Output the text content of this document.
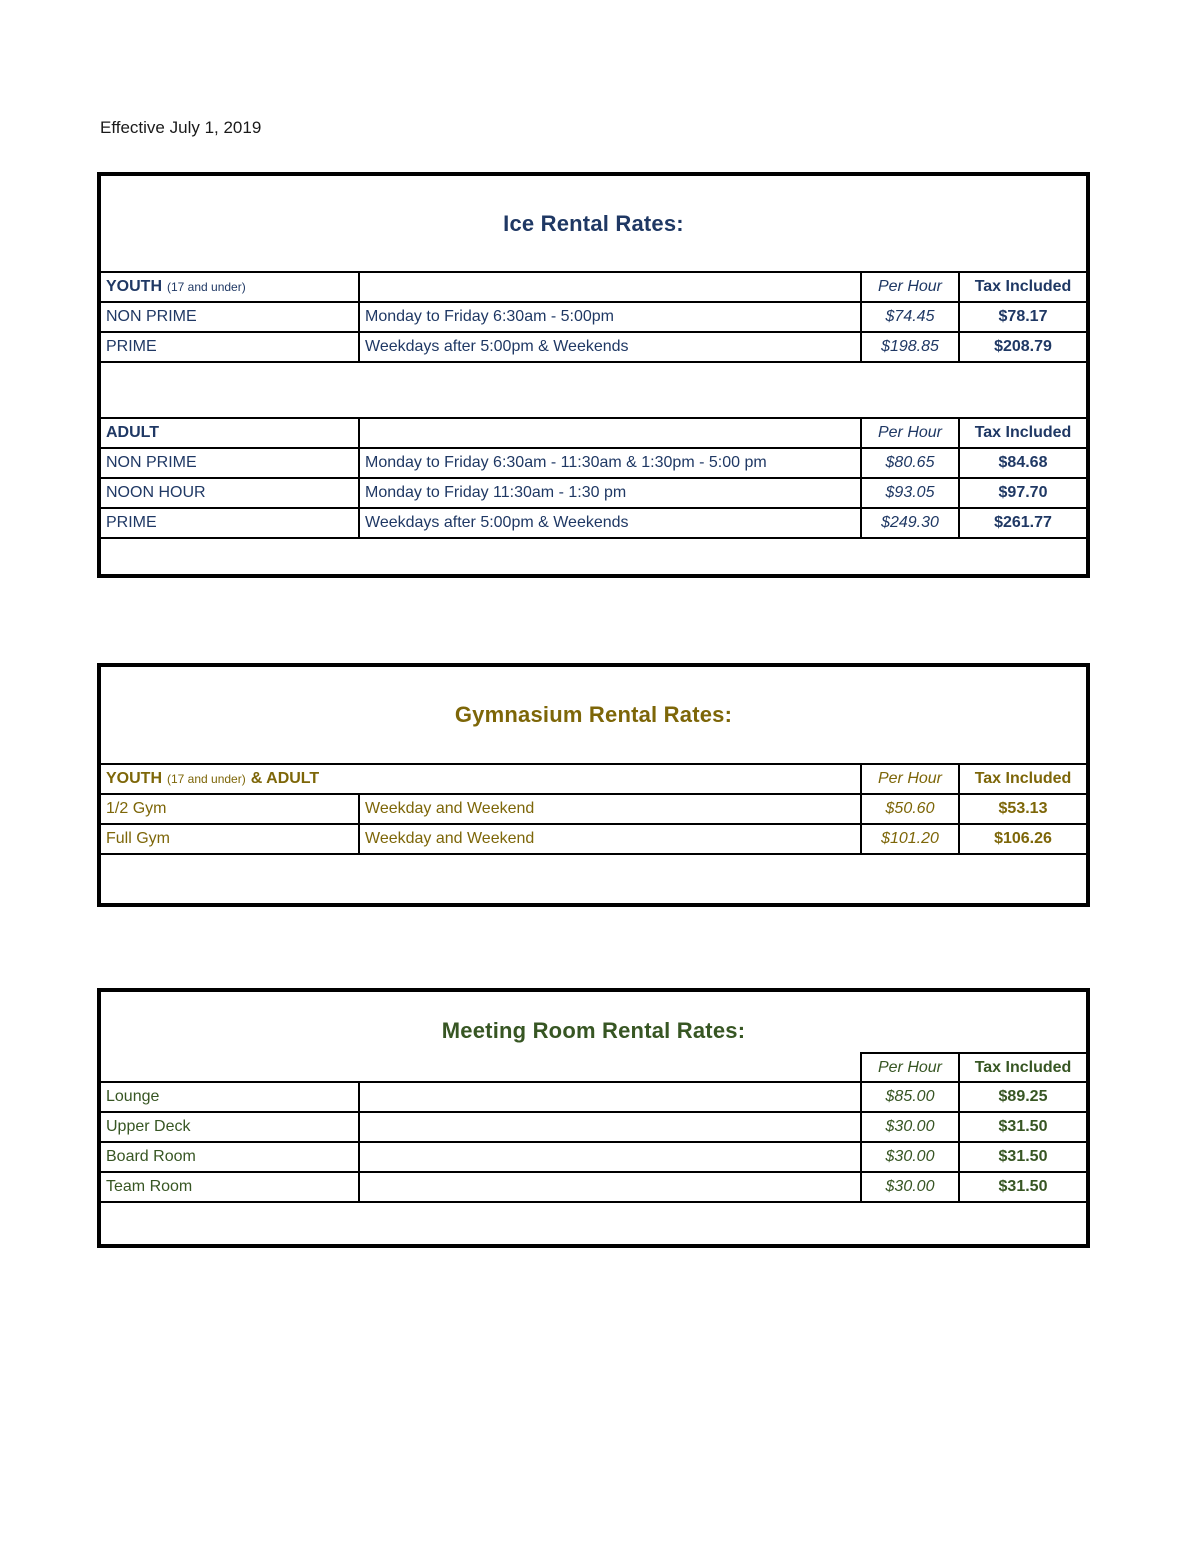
Effective July 1, 2019
Ice Rental Rates:
YOUTH (17 and under)	Per Hour	Tax Included
NON PRIME	Monday to Friday 6:30am - 5:00pm	$74.45	$78.17
PRIME	Weekdays after 5:00pm & Weekends	$198.85	$208.79
ADULT	Per Hour	Tax Included
NON PRIME	Monday to Friday 6:30am - 11:30am & 1:30pm - 5:00 pm	$80.65	$84.68
NOON HOUR	Monday to Friday 11:30am - 1:30 pm	$93.05	$97.70
PRIME	Weekdays after 5:00pm & Weekends	$249.30	$261.77
Gymnasium Rental Rates:
YOUTH (17 and under) & ADULT	Per Hour	Tax Included
1/2 Gym	Weekday and Weekend	$50.60	$53.13
Full Gym	Weekday and Weekend	$101.20	$106.26
Meeting Room Rental Rates:
Per Hour	Tax Included
Lounge	$85.00	$89.25
Upper Deck	$30.00	$31.50
Board Room	$30.00	$31.50
Team Room	$30.00	$31.50
